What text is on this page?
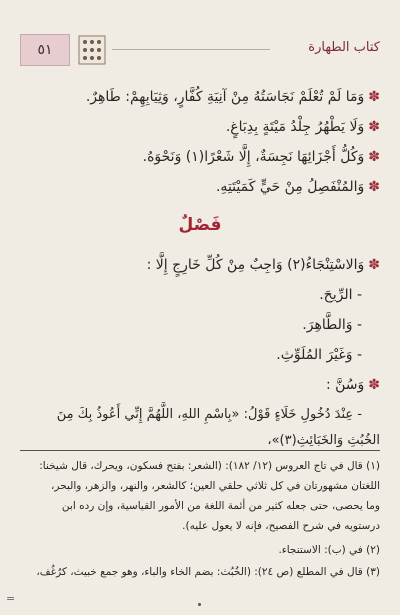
٥١	كتاب الطهارة
✽وَمَا لَمْ تُعْلَمْ نَجَاسَتُهُ مِنْ آنِيَةِ كُفَّارٍ، وَثِيَابِهِمْ: طَاهِرٌ.
✽وَلَا يَطْهُرُ جِلْدُ مَيْتَةٍ بِدِبَاغٍ.
✽وَكُلُّ أَجْزَائِهَا نَجِسَةٌ، إِلَّا شَعْرًا(١) وَنَحْوَهُ.
✽وَالمُنْفَصِلُ مِنْ حَيٍّ كَمَيْتَتِهِ.
فَصْلٌ
✽وَالاسْتِنْجَاءُ(٢) وَاجِبٌ مِنْ كُلِّ خَارِجٍ إِلَّا :
- الرِّيحَ.
- وَالطَّاهِرَ.
- وَغَيْرَ المُلَوِّثِ.
✽وَسُنَّ :
- عِنْدَ دُخُولِ خَلَاءٍ قَوْلُ: «بِاسْمِ اللهِ، اللَّهُمَّ إِنِّي أَعُوذُ بِكَ مِنَ
الخُبُثِ وَالخَبَائِثِ(٣)»،
(١) قال في تاج العروس (١٢/ ١٨٢): (الشعر: بفتح فسكون، ويحرك، قال شيخنا:
اللغتان مشهورتان في كل ثلاثي حلقي العين؛ كالشعر، والنهر، والزهر، والبحر،
وما يحصى، حتى جعله كثير من أئمة اللغة من الأمور القياسية، وإن رده ابن
درستويه في شرح الفصيح، فإنه لا يعول عليه).
(٢) في (ب): الاستنجاء.
(٣) قال في المطلع (ص ٢٤): (الخُبُث: بضم الخاء والباء، وهو جمع خبيث، كرُغُف،
=
